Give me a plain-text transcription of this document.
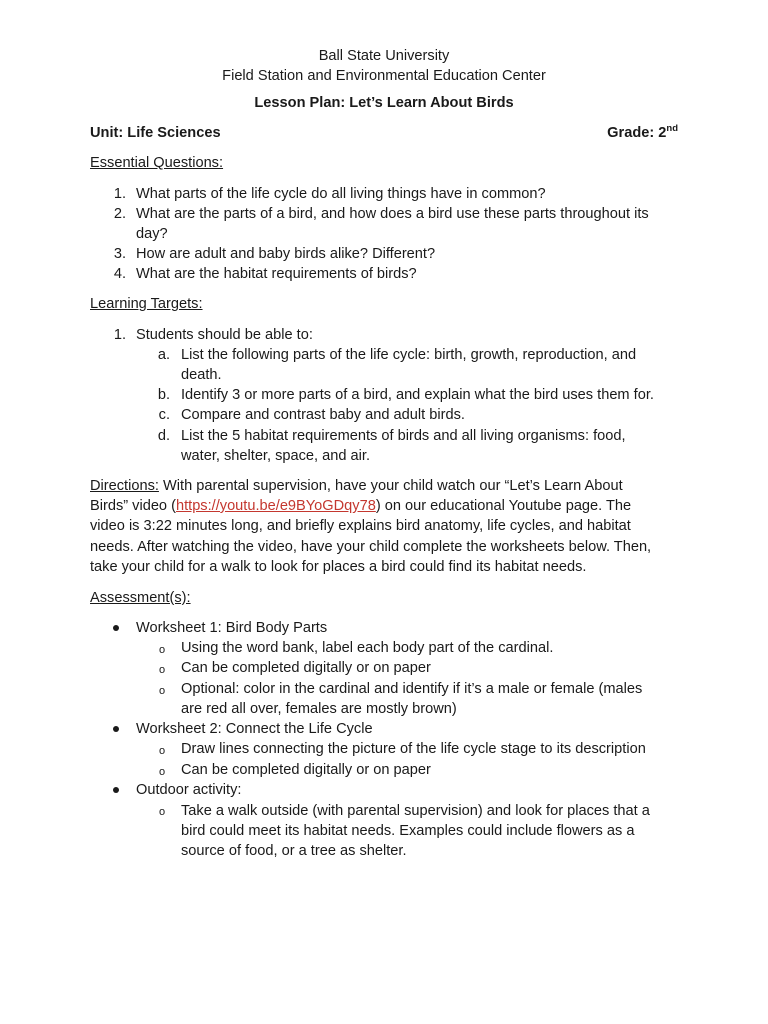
Ball State University
Field Station and Environmental Education Center
Lesson Plan: Let’s Learn About Birds
Unit: Life Sciences	Grade: 2nd
Essential Questions:
1. What parts of the life cycle do all living things have in common?
2. What are the parts of a bird, and how does a bird use these parts throughout its
day?
3. How are adult and baby birds alike? Different?
4. What are the habitat requirements of birds?
Learning Targets:
1. Students should be able to:
a. List the following parts of the life cycle: birth, growth, reproduction, and
death.
b. Identify 3 or more parts of a bird, and explain what the bird uses them for.
c. Compare and contrast baby and adult birds.
d. List the 5 habitat requirements of birds and all living organisms: food,
water, shelter, space, and air.
Directions: With parental supervision, have your child watch our “Let’s Learn About
Birds” video (https://youtu.be/e9BYoGDqy78) on our educational Youtube page. The
video is 3:22 minutes long, and briefly explains bird anatomy, life cycles, and habitat
needs. After watching the video, have your child complete the worksheets below. Then,
take your child for a walk to look for places a bird could find its habitat needs.
Assessment(s):
Worksheet 1: Bird Body Parts
o Using the word bank, label each body part of the cardinal.
o Can be completed digitally or on paper
o Optional: color in the cardinal and identify if it’s a male or female (males
are red all over, females are mostly brown)
Worksheet 2: Connect the Life Cycle
o Draw lines connecting the picture of the life cycle stage to its description
o Can be completed digitally or on paper
Outdoor activity:
o Take a walk outside (with parental supervision) and look for places that a
bird could meet its habitat needs. Examples could include flowers as a
source of food, or a tree as shelter.
